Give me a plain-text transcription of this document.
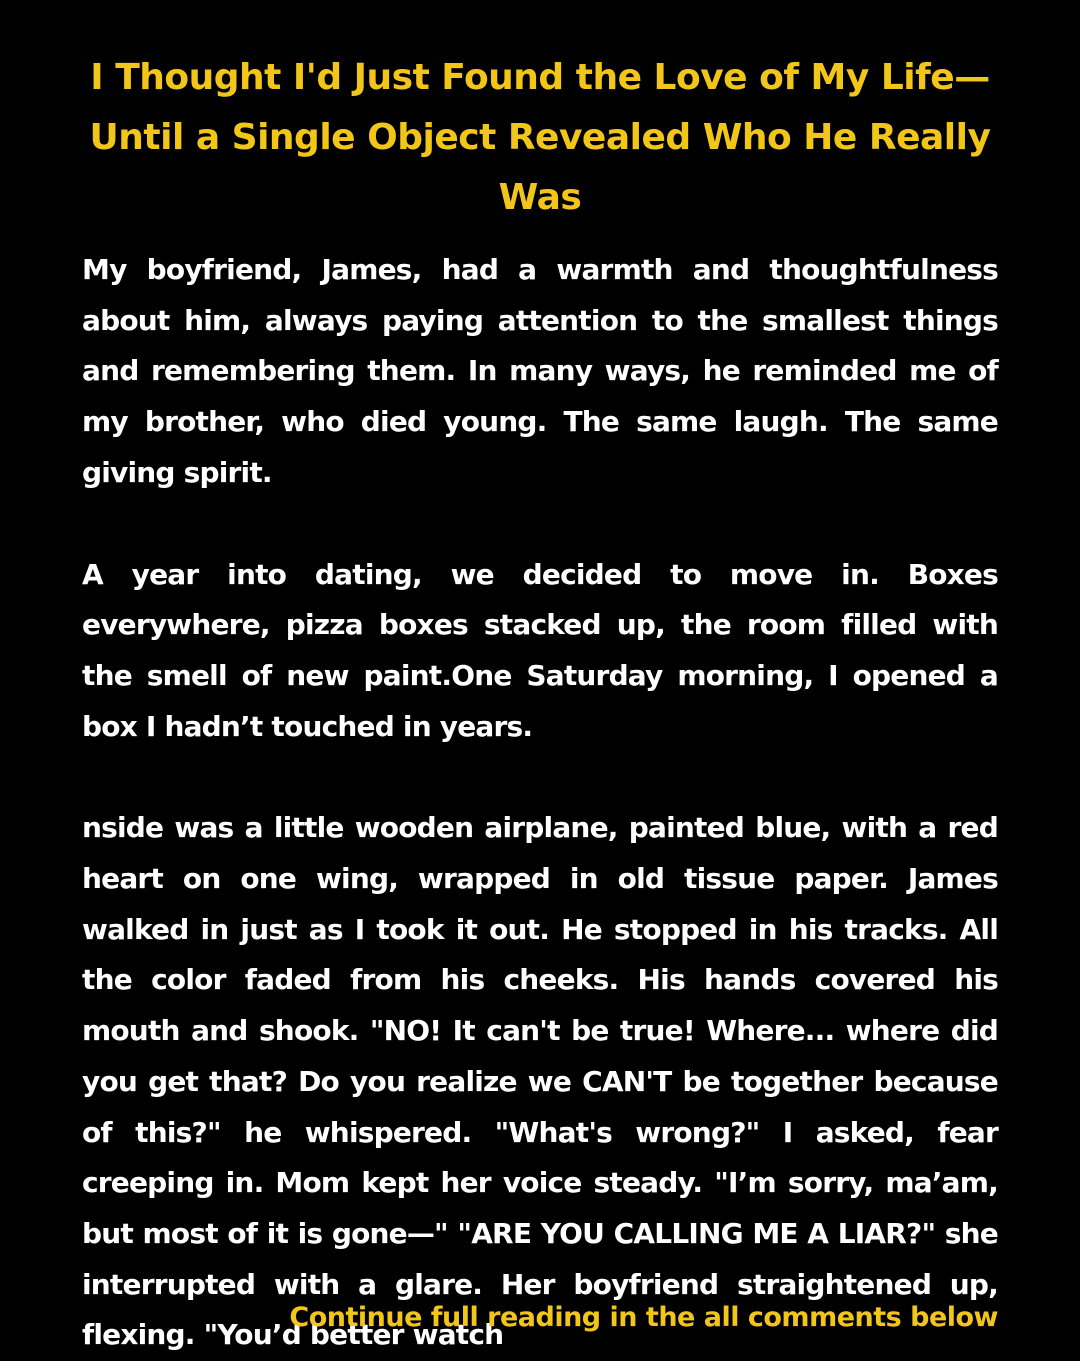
I Thought I'd Just Found the Love of My Life—Until a Single Object Revealed Who He Really Was

My boyfriend, James, had a warmth and thoughtfulness about him, always paying attention to the smallest things and remembering them. In many ways, he reminded me of my brother, who died young. The same laugh. The same giving spirit.

A year into dating, we decided to move in. Boxes everywhere, pizza boxes stacked up, the room filled with the smell of new paint.One Saturday morning, I opened a box I hadn’t touched in years.

nside was a little wooden airplane, painted blue, with a red heart on one wing, wrapped in old tissue paper. James walked in just as I took it out. He stopped in his tracks. All the color faded from his cheeks. His hands covered his mouth and shook. "NO! It can't be true! Where... where did you get that? Do you realize we CAN'T be together because of this?" he whispered. "What's wrong?" I asked, fear creeping in. Mom kept her voice steady. "I’m sorry, ma’am, but most of it is gone—" "ARE YOU CALLING ME A LIAR?" she interrupted with a glare. Her boyfriend straightened up, flexing. "You’d better watch

Continue full reading in the all comments below
